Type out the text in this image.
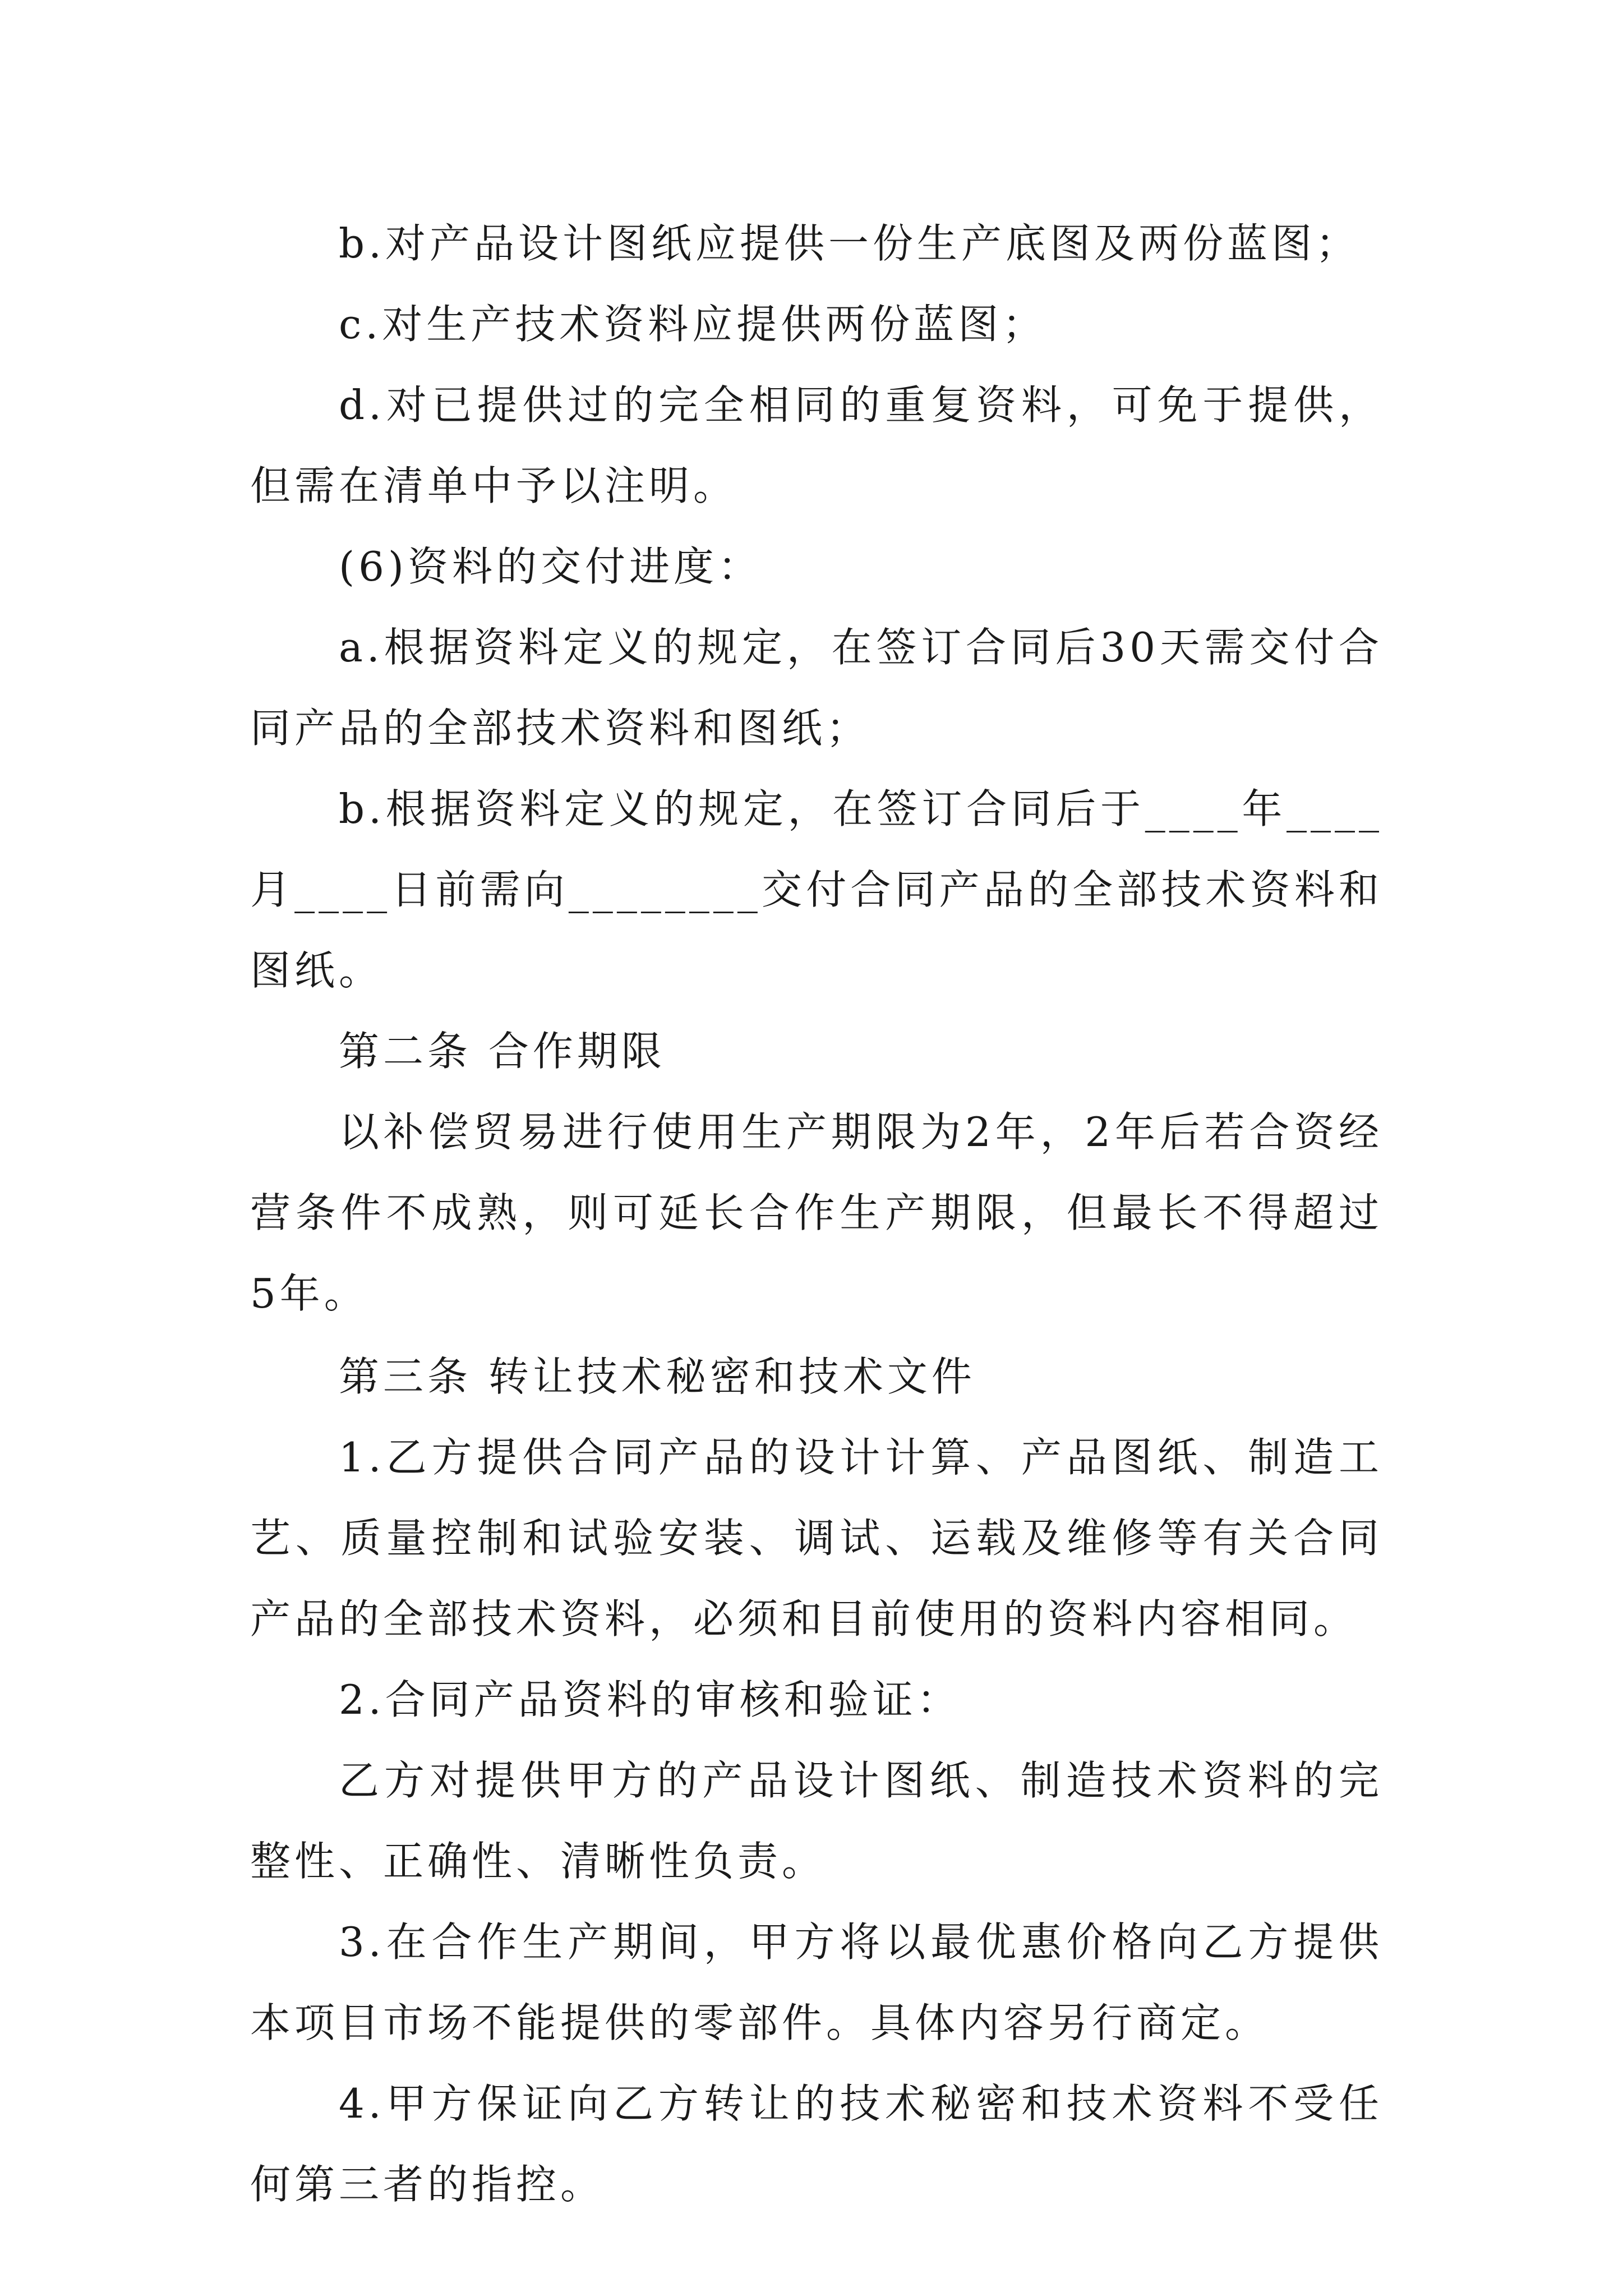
b.对产品设计图纸应提供一份生产底图及两份蓝图；

c.对生产技术资料应提供两份蓝图；

d.对已提供过的完全相同的重复资料，可免于提供，但需在清单中予以注明。

(6)资料的交付进度：

a.根据资料定义的规定，在签订合同后30天需交付合同产品的全部技术资料和图纸；

b.根据资料定义的规定，在签订合同后于____年____月____日前需向________交付合同产品的全部技术资料和图纸。

第二条 合作期限

以补偿贸易进行使用生产期限为2年，2年后若合资经营条件不成熟，则可延长合作生产期限，但最长不得超过5年。

第三条 转让技术秘密和技术文件

1.乙方提供合同产品的设计计算、产品图纸、制造工艺、质量控制和试验安装、调试、运载及维修等有关合同产品的全部技术资料，必须和目前使用的资料内容相同。

2.合同产品资料的审核和验证：

乙方对提供甲方的产品设计图纸、制造技术资料的完整性、正确性、清晰性负责。

3.在合作生产期间，甲方将以最优惠价格向乙方提供本项目市场不能提供的零部件。具体内容另行商定。

4.甲方保证向乙方转让的技术秘密和技术资料不受任何第三者的指控。
